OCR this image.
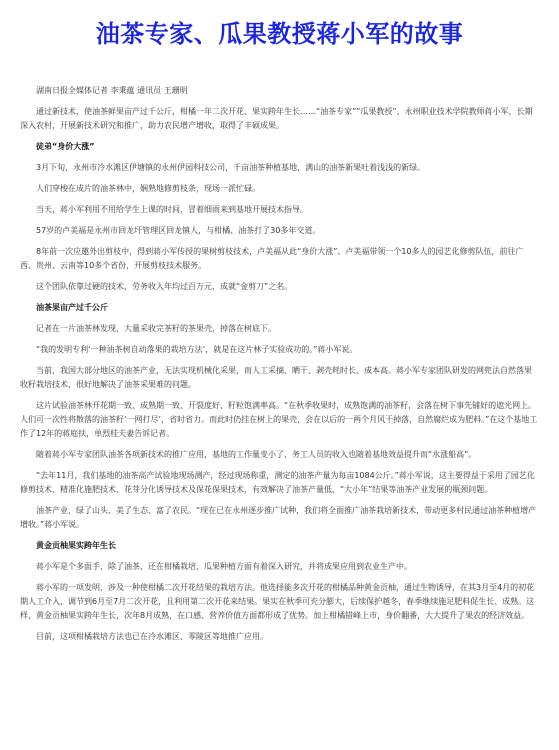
油茶专家、瓜果教授蒋小军的故事

湖南日报全媒体记者 李秉蕴 通讯员 王珊明

通过新技术，使油茶鲜果亩产过千公斤，柑橘一年二次开花、果实跨年生长……“油茶专家”“瓜果教授”、永州职业技术学院教师蒋小军，长期深入农村，开展新技术研究和推广，助力农民增产增收，取得了丰硕成果。

徒弟“身价大涨”

3月下旬，永州市冷水滩区伊塘镇的永州伊园科技公司，千亩油茶种植基地，满山的油茶新果吐着浅浅的新绿。

人们穿梭在成片的油茶林中，娴熟地修剪枝条，现场一派忙碌。

当天，蒋小军利用不用给学生上课的时间，冒着细雨来到基地开展技术指导。

57岁的卢美福是永州市回龙圩管理区回龙镇人，与柑橘、油茶打了30多年交道。

8年前一次应邀外出剪枝中，得到蒋小军传授的果树剪枝技术，卢美福从此“身价大涨”。卢美福带领一个10多人的园艺化修剪队伍，前往广西、贵州、云南等10多个省份，开展剪枝技术服务。

这个团队依靠过硬的技术，劳务收入年均过百万元，成就“金剪刀”之名。

油茶果亩产过千公斤

记者在一片油茶林发现，大量采收完茶籽的茶果壳，掉落在树底下。

“我的发明专利‘一种油茶树自动落果的栽培方法’，就是在这片林子实验成功的。”蒋小军说。

当前，我国大部分地区的油茶产业，无法实现机械化采果，而人工采摘、晒干、剥壳耗时长、成本高。蒋小军专家团队研发的网兜法自然落果收籽栽培技术，很好地解决了油茶采果难的问题。

这片试验油茶林开花期一致、成熟期一致、开裂度好、籽粒饱满率高。“在秋季收果时，成熟饱满的油茶籽，会落在树下事先铺好的遮光网上。人们可一次性将散落的油茶籽‘一网打尽’，省时省力。而此时仍挂在树上的果壳，会在以后的一两个月风干掉落，自然腐烂成为肥料。”在这个基地工作了12年的蒋庭扶，单烈桂夫妻告诉记者。

随着蒋小军专家团队油茶各项新技术的推广应用，基地的工作量变小了，务工人员的收入也随着基地效益提升而“水涨船高”。

“去年11月，我们基地的油茶高产试验地现场测产，经过现场称重，测定的油茶产量为每亩1084公斤。”蒋小军说，这主要得益于采用了园艺化修剪技术、精准化施肥技术、花芽分化诱导技术及保花保果技术，有效解决了油茶产量低、“大小年”结果等油茶产业发展的瓶颈问题。

油茶产业，绿了山头、美了生态、富了农民。“现在已在永州逐步推广试种，我们将全面推广油茶栽培新技术，带动更多村民通过油茶种植增产增收。”蒋小军说。

黄金贡柚果实跨年生长

蒋小军是个多面手，除了油茶，还在柑橘栽培、瓜果种植方面有着深入研究，并将成果应用到农业生产中。

蒋小军的一项发明，涉及一种使柑橘二次开花结果的栽培方法。他选择能多次开花的柑橘品种黄金贡柚，通过生物诱导，在其3月至4月的初花期人工介入，调节到6月至7月二次开花，且利用第二次开花来结果。果实在秋季可充分膨大，后续保护越冬，春季继续施足肥料促生长、成熟。这样，黄金贡柚果实跨年生长，次年8月成熟，在口感、营养价值方面都形成了优势。加上柑橘错峰上市，身价翻番，大大提升了果农的经济效益。

目前，这项柑橘栽培方法也已在冷水滩区、零陵区等地推广应用。
